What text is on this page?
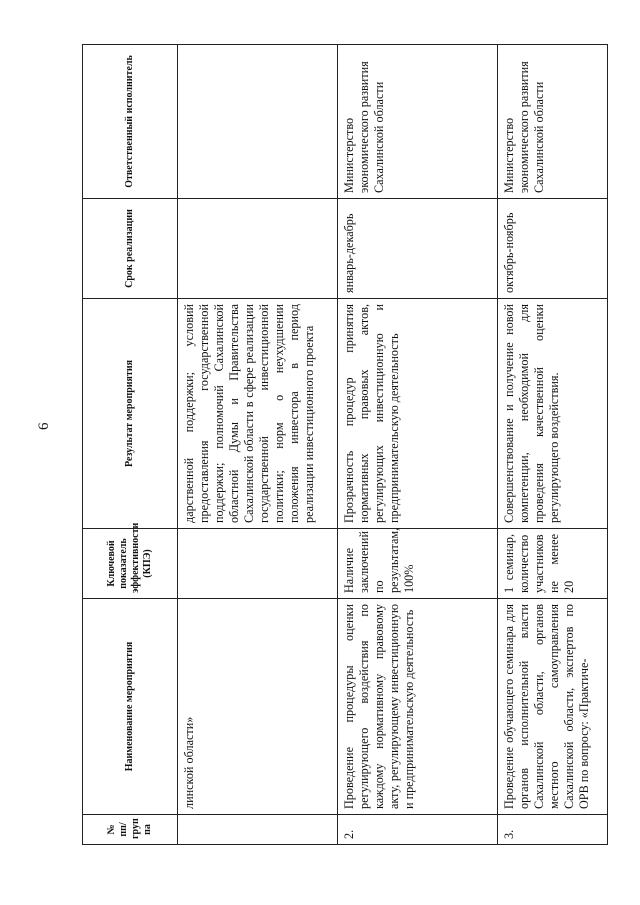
6
№ пп/ груп па	Наименование мероприятия	Ключевой показатель эффективности (КПЭ)	Результат мероприятия	Срок реализации	Ответственный исполнитель
	линской области»		дарственной поддержки; условий предоставления государственной поддержки; полномочий Сахалинской областной Думы и Правительства Сахалинской области в сфере реализации государственной инвестиционной политики; норм о неухудшении положения инвестора в период реализации инвестиционного проекта		
2.	Проведение процедуры оценки регулирующего воздействия по каждому нормативному правовому акту, регулирующему инвестиционную и предпринимательскую деятельность	Наличие заключений по результатам, 100%	Прозрачность процедур принятия нормативных правовых актов, регулирующих инвестиционную и предпринимательскую деятельность	январь-декабрь	Министерство экономического развития Сахалинской области
3.	Проведение обучающего семинара для органов исполнительной власти Сахалинской области, органов местного самоуправления Сахалинской области, экспертов по ОРВ по вопросу: «Практиче-	1 семинар, количество участников не менее 20	Совершенствование и получение новой компетенции, необходимой для проведения качественной оценки регулирующего воздействия.	октябрь-ноябрь	Министерство экономического развития Сахалинской области
